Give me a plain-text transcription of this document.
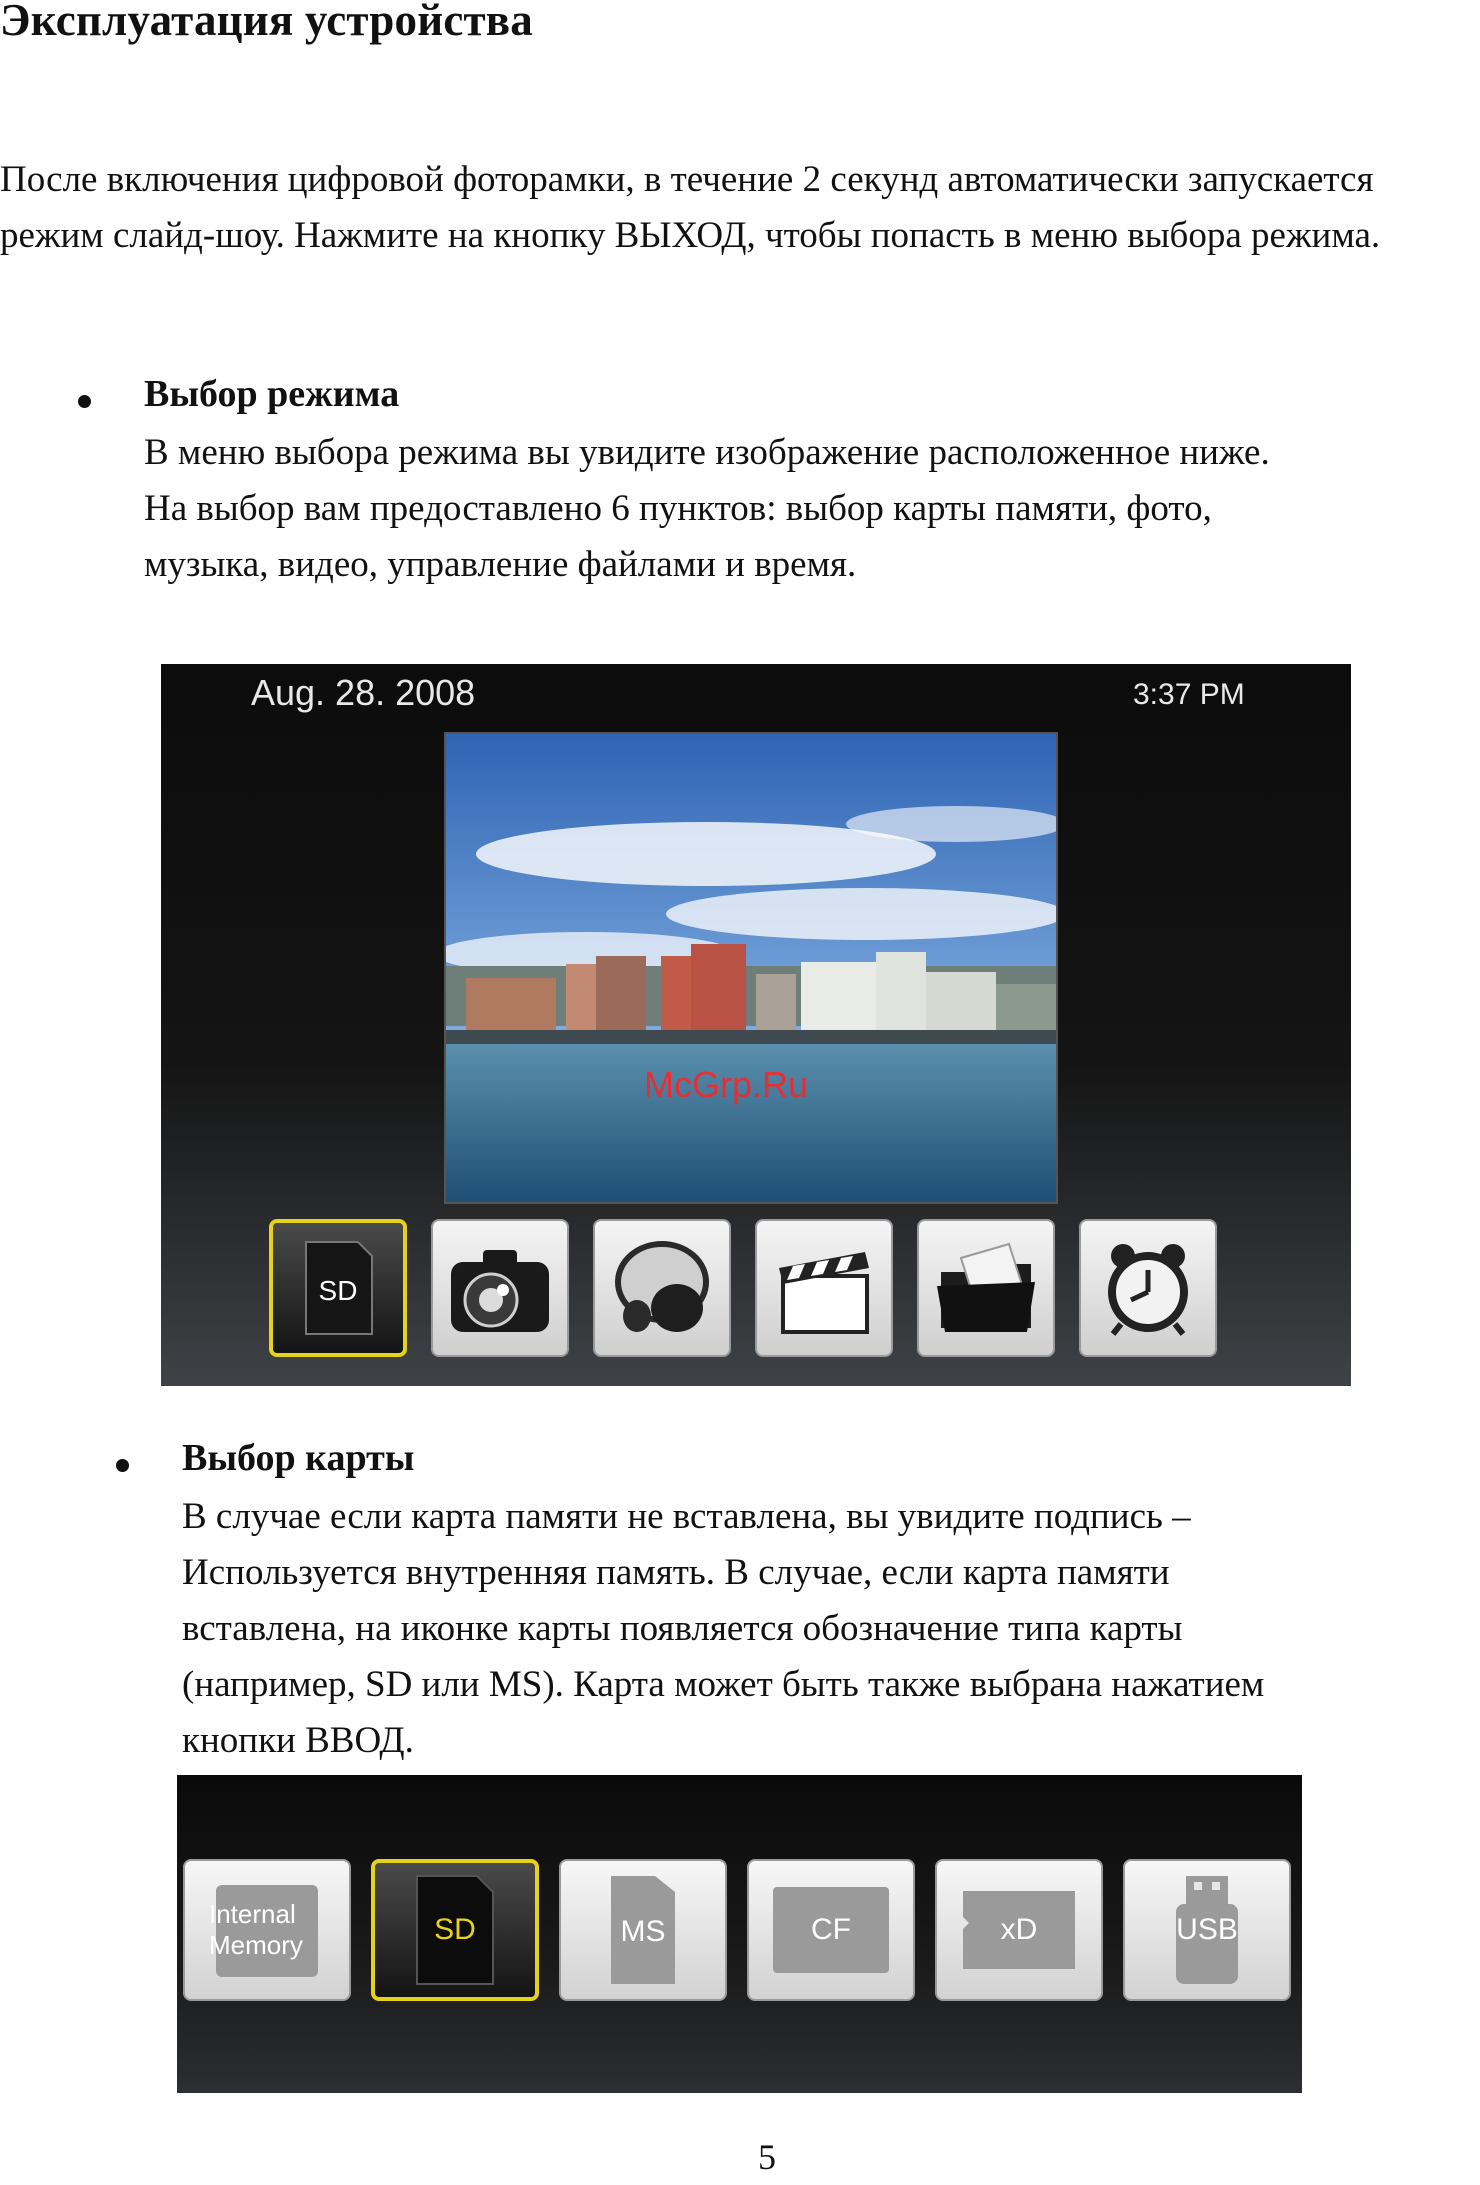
Эксплуатация устройства
После включения цифровой фоторамки, в течение 2 секунд автоматически запускается режим слайд-шоу. Нажмите на кнопку ВЫХОД, чтобы попасть в меню выбора режима.
Выбор режима
В меню выбора режима вы увидите изображение расположенное ниже.
На выбор вам предоставлено 6 пунктов: выбор карты памяти, фото,
музыка, видео, управление файлами и время.
Aug. 28. 2008	3:37 PM
McGrp.Ru
SD
Выбор карты
В случае если карта памяти не вставлена, вы увидите подпись –
Используется внутренняя память. В случае, если карта памяти
вставлена, на иконке карты появляется обозначение типа карты
(например, SD или MS). Карта может быть также выбрана нажатием
кнопки ВВОД.
Internal
Memory	SD	MS	CF	xD	USB
5
